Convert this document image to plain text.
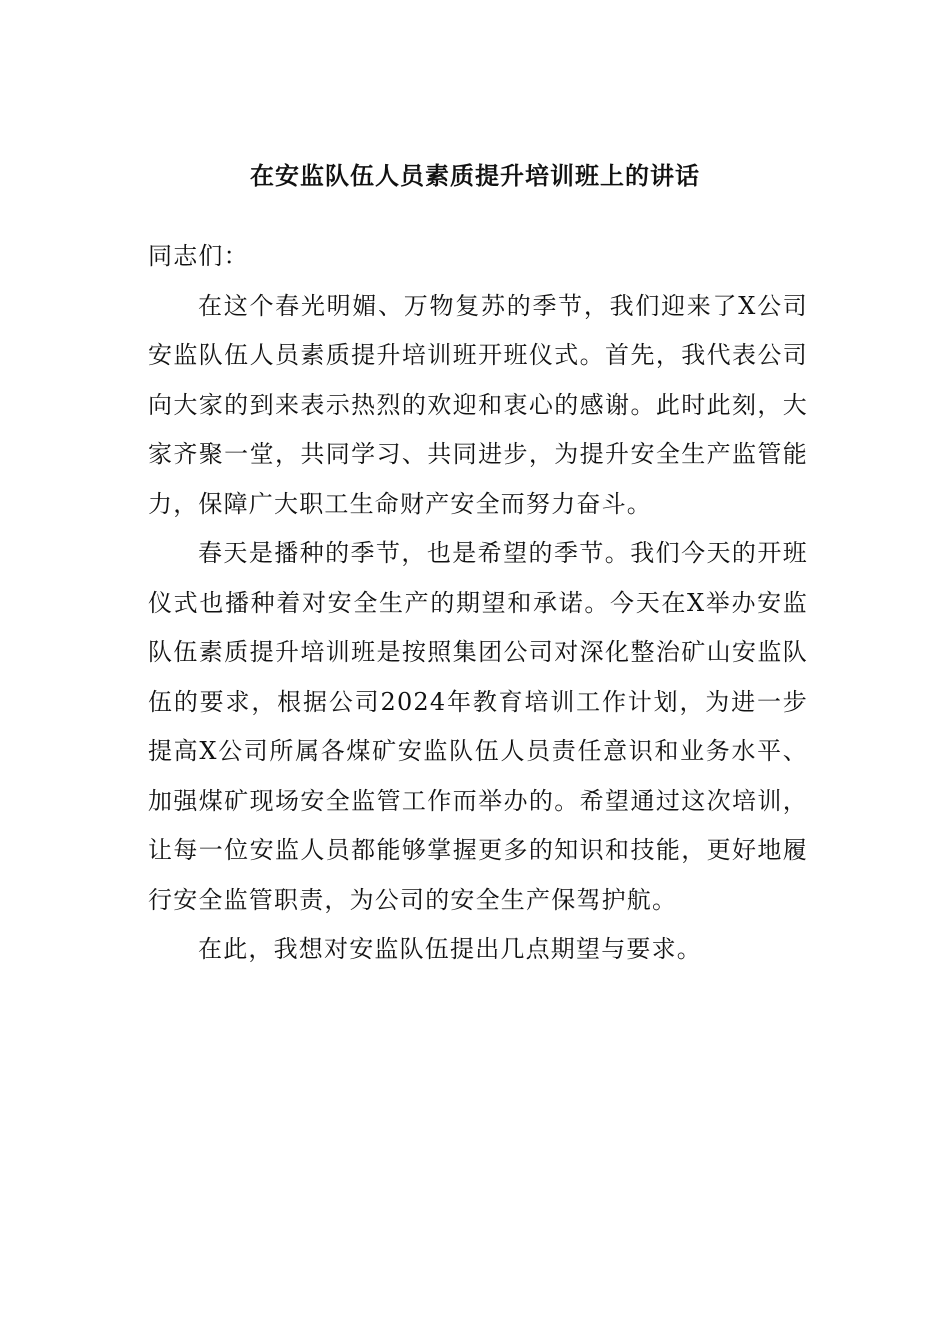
在安监队伍人员素质提升培训班上的讲话

同志们：

在这个春光明媚、万物复苏的季节，我们迎来了X公司安监队伍人员素质提升培训班开班仪式。首先，我代表公司向大家的到来表示热烈的欢迎和衷心的感谢。此时此刻，大家齐聚一堂，共同学习、共同进步，为提升安全生产监管能力，保障广大职工生命财产安全而努力奋斗。

春天是播种的季节，也是希望的季节。我们今天的开班仪式也播种着对安全生产的期望和承诺。今天在X举办安监队伍素质提升培训班是按照集团公司对深化整治矿山安监队伍的要求，根据公司2024年教育培训工作计划，为进一步提高X公司所属各煤矿安监队伍人员责任意识和业务水平、加强煤矿现场安全监管工作而举办的。希望通过这次培训，让每一位安监人员都能够掌握更多的知识和技能，更好地履行安全监管职责，为公司的安全生产保驾护航。

在此，我想对安监队伍提出几点期望与要求。
